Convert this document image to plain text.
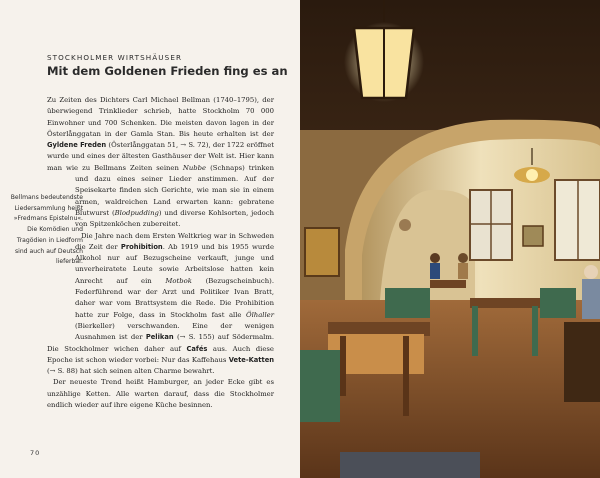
STOCKHOLMER WIRTSHÄUSER
Mit dem Goldenen Frieden fing es an

Zu Zeiten des Dichters Carl Michael Bellman (1740–1795), der überwiegend Trinklieder schrieb, hatte Stockholm 70 000 Einwohner und 700 Schenken. Die meisten davon lagen in der Österlånggatan in der Gamla Stan. Bis heute erhalten ist der Gyldene Freden (Österlånggatan 51, → S. 72), der 1722 eröffnet wurde und eines der ältesten Gasthäuser der Welt ist. Hier kann man wie zu Bellmans Zeiten seinen Nubbe (Schnaps) trinken und dazu eines seiner Lieder anstimmen. Auf der Speisekarte finden sich Gerichte, wie man sie in einem armen, waldreichen Land erwarten kann: gebratene Blutwurst (Blodpudding) und diverse Kohlsorten, jedoch von Spitzenköchen zubereitet.

Die Jahre nach dem Ersten Weltkrieg war in Schweden die Zeit der Prohibition. Ab 1919 und bis 1955 wurde Alkohol nur auf Bezugscheine verkauft, junge und unverheiratete Leute sowie Arbeitslose hatten kein Anrecht auf ein Motbok (Bezugscheinbuch). Federführend war der Arzt und Politiker Ivan Bratt, daher war vom Brattsystem die Rede. Die Prohibition hatte zur Folge, dass in Stockholm fast alle Ölhaller (Bierkeller) verschwanden. Eine der wenigen Ausnahmen ist der Pelikan (→ S. 155) auf Södermalm. Die Stockholmer wichen daher auf Cafés aus. Auch diese Epoche ist schon wieder vorbei: Nur das Kaffehaus Vete-Katten (→ S. 88) hat sich seinen alten Charme bewahrt.

Der neueste Trend heißt Hamburger, an jeder Ecke gibt es unzählige Ketten. Alle warten darauf, dass die Stockholmer endlich wieder auf ihre eigene Küche besinnen.

Bellmans bedeutendste Liedersammlung heißt »Fredmans Epistelnu«. Die Komödien und Tragödien in Liedform sind auch auf Deutsch lieferbar.
70
